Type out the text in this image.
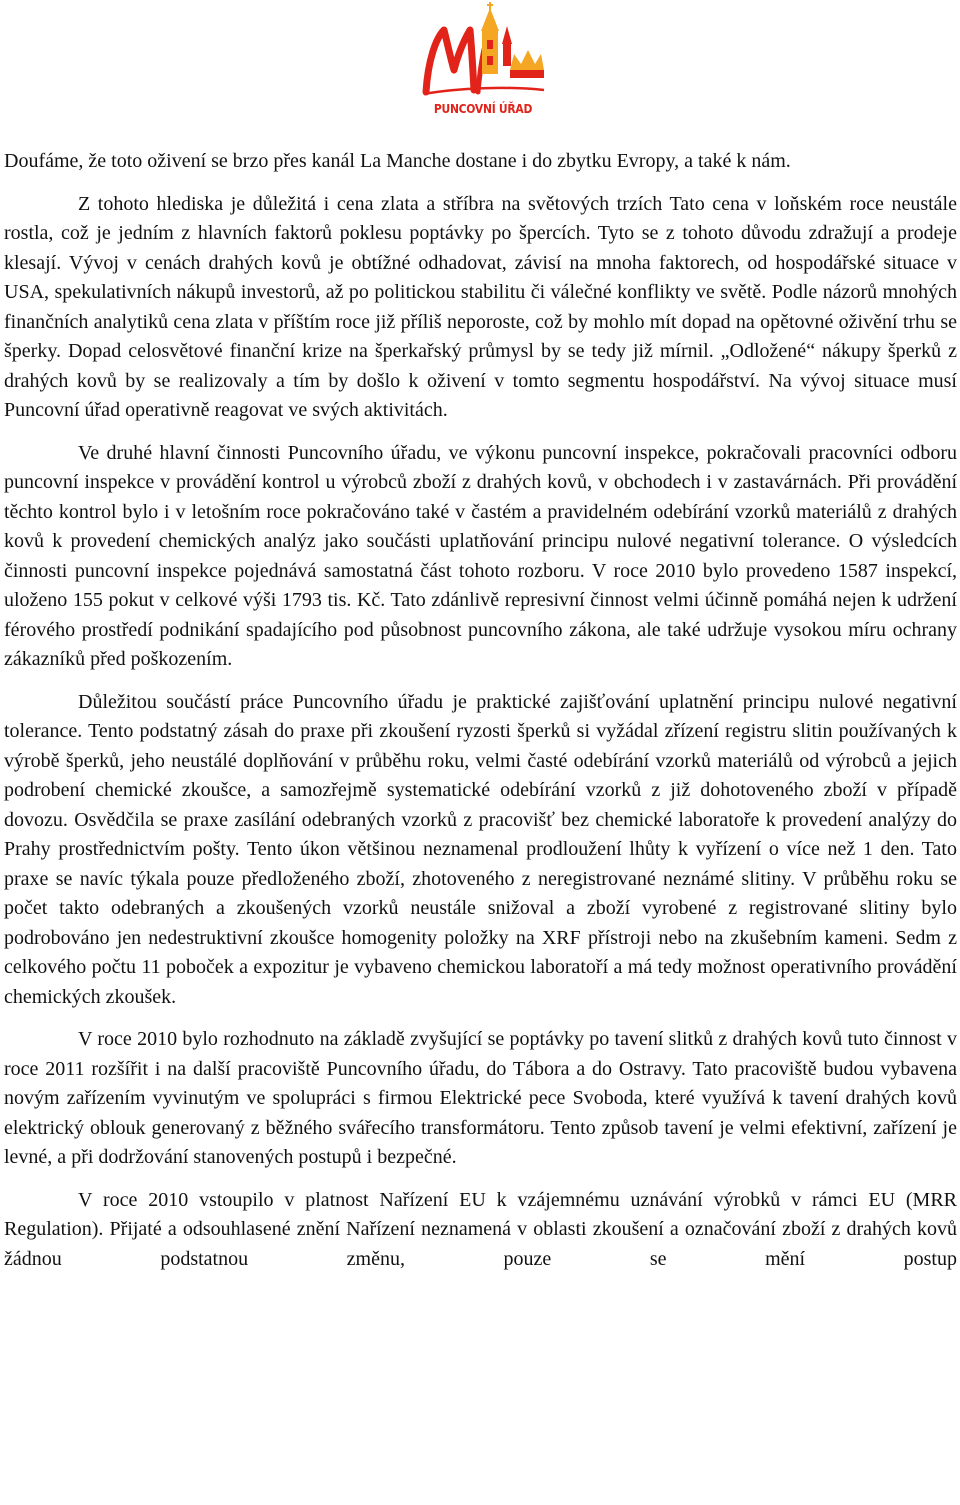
PUNCOVNÍ ÚŘAD

Doufáme, že toto oživení se brzo přes kanál La Manche dostane i do zbytku Evropy, a také k nám.

Z tohoto hlediska je důležitá i cena zlata a stříbra na světových trzích Tato cena v loňském roce neustále rostla, což je jedním z hlavních faktorů poklesu poptávky po špercích. Tyto se z tohoto důvodu zdražují a prodeje klesají. Vývoj v cenách drahých kovů je obtížné odhadovat, závisí na mnoha faktorech, od hospodářské situace v USA, spekulativních nákupů investorů, až po politickou stabilitu či válečné konflikty ve světě. Podle názorů mnohých finančních analytiků cena zlata v příštím roce již příliš neporoste, což by mohlo mít dopad na opětovné oživění trhu se šperky. Dopad celosvětové finanční krize na šperkařský průmysl by se tedy již mírnil. „Odložené“ nákupy šperků z drahých kovů by se realizovaly a tím by došlo k oživení v tomto segmentu hospodářství. Na vývoj situace musí Puncovní úřad operativně reagovat ve svých aktivitách.

Ve druhé hlavní činnosti Puncovního úřadu, ve výkonu puncovní inspekce, pokračovali pracovníci odboru puncovní inspekce v provádění kontrol u výrobců zboží z drahých kovů, v obchodech i v zastavárnách. Při provádění těchto kontrol bylo i v letošním roce pokračováno také v častém a pravidelném odebírání vzorků materiálů z drahých kovů k provedení chemických analýz jako součásti uplatňování principu nulové negativní tolerance. O výsledcích činnosti puncovní inspekce pojednává samostatná část tohoto rozboru. V roce 2010 bylo provedeno 1587 inspekcí, uloženo 155 pokut v celkové výši 1793 tis. Kč. Tato zdánlivě represivní činnost velmi účinně pomáhá nejen k udržení férového prostředí podnikání spadajícího pod působnost puncovního zákona, ale také udržuje vysokou míru ochrany zákazníků před poškozením.

Důležitou součástí práce Puncovního úřadu je praktické zajišťování uplatnění principu nulové negativní tolerance. Tento podstatný zásah do praxe při zkoušení ryzosti šperků si vyžádal zřízení registru slitin používaných k výrobě šperků, jeho neustálé doplňování v průběhu roku, velmi časté odebírání vzorků materiálů od výrobců a jejich podrobení chemické zkoušce, a samozřejmě systematické odebírání vzorků z již dohotoveného zboží v případě dovozu. Osvědčila se praxe zasílání odebraných vzorků z pracovišť bez chemické laboratoře k provedení analýzy do Prahy prostřednictvím pošty. Tento úkon většinou neznamenal prodloužení lhůty k vyřízení o více než 1 den. Tato praxe se navíc týkala pouze předloženého zboží, zhotoveného z neregistrované neznámé slitiny. V průběhu roku se počet takto odebraných a zkoušených vzorků neustále snižoval a zboží vyrobené z registrované slitiny bylo podrobováno jen nedestruktivní zkoušce homogenity položky na XRF přístroji nebo na zkušebním kameni. Sedm z celkového počtu 11 poboček a expozitur je vybaveno chemickou laboratoří a má tedy možnost operativního provádění chemických zkoušek.

V roce 2010 bylo rozhodnuto na základě zvyšující se poptávky po tavení slitků z drahých kovů tuto činnost v roce 2011 rozšířit i na další pracoviště Puncovního úřadu, do Tábora a do Ostravy. Tato pracoviště budou vybavena novým zařízením vyvinutým ve spolupráci s firmou Elektrické pece Svoboda, které využívá k tavení drahých kovů elektrický oblouk generovaný z běžného svářecího transformátoru. Tento způsob tavení je velmi efektivní, zařízení je levné, a při dodržování stanovených postupů i bezpečné.

V roce 2010 vstoupilo v platnost Nařízení EU k vzájemnému uznávání výrobků v rámci EU (MRR Regulation). Přijaté a odsouhlasené znění Nařízení neznamená v oblasti zkoušení a označování zboží z drahých kovů žádnou podstatnou změnu, pouze se mění postup
